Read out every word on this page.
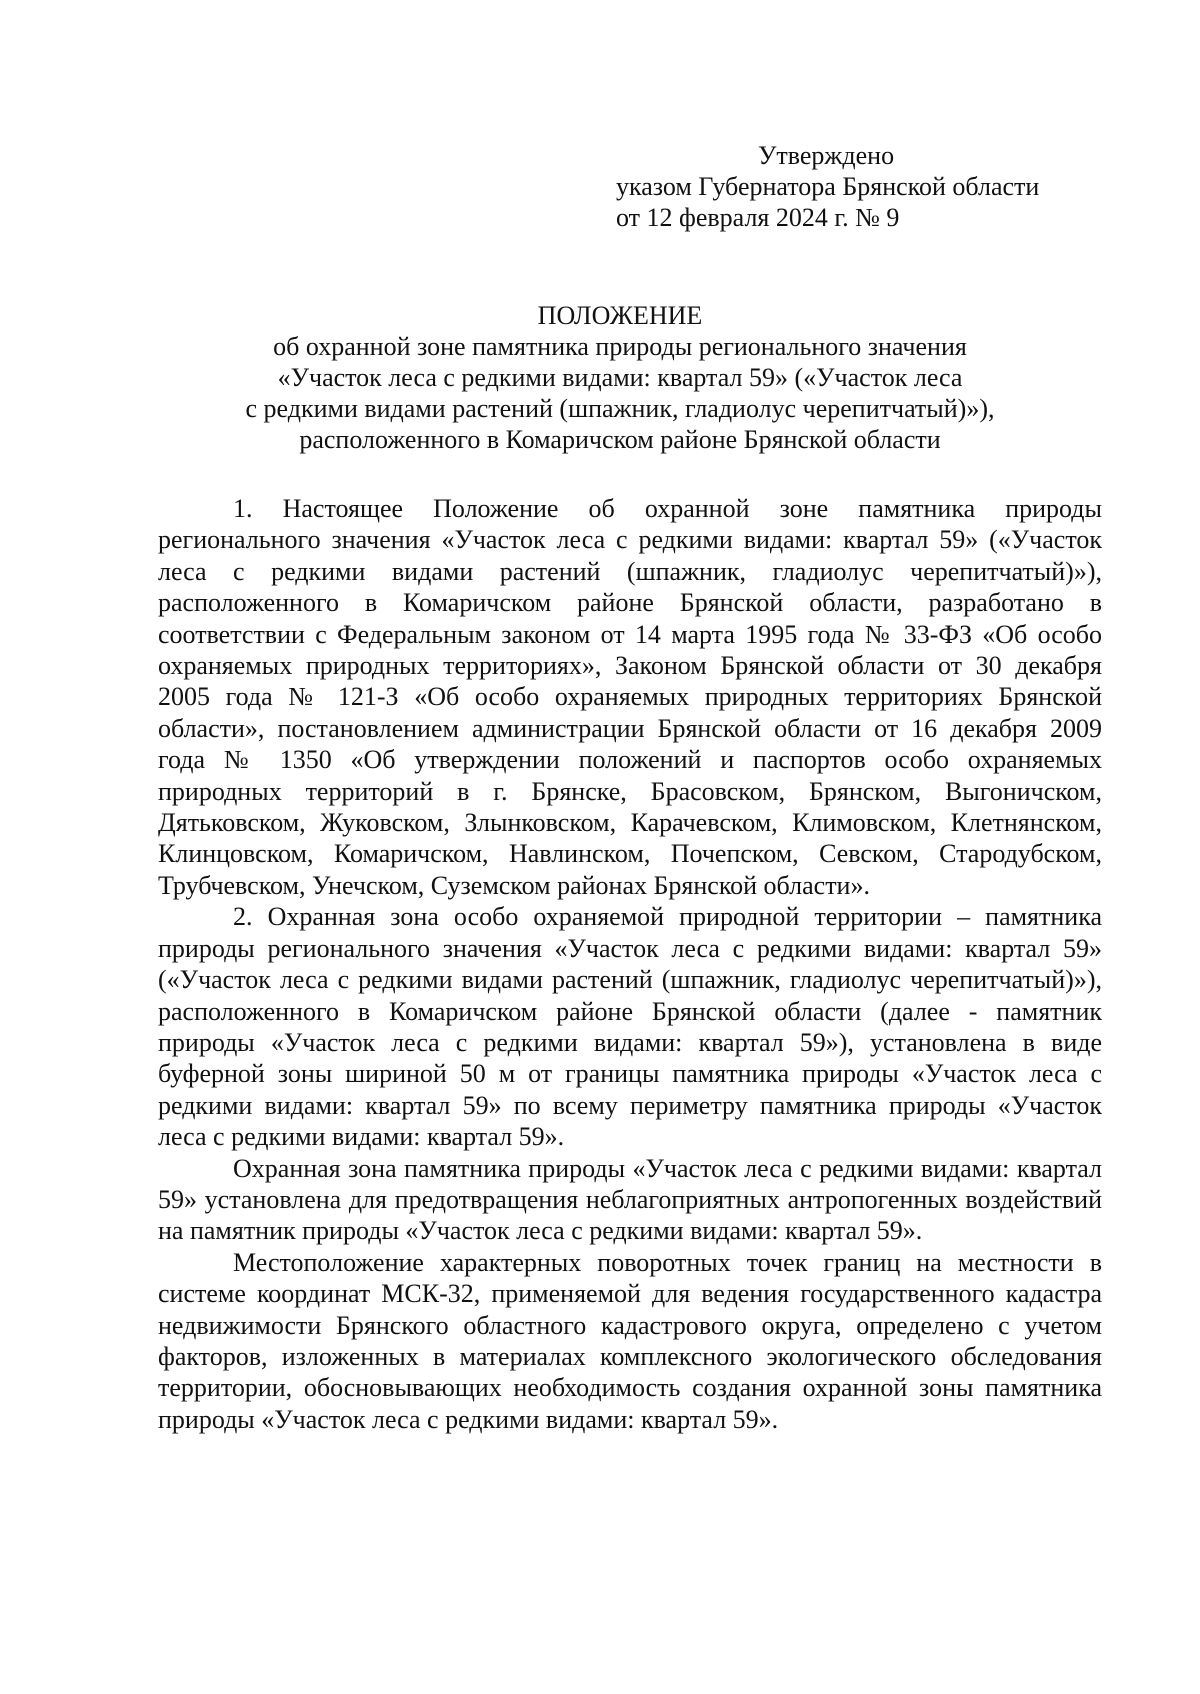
Утверждено
указом Губернатора Брянской области
от 12 февраля 2024 г. № 9
ПОЛОЖЕНИЕ
об охранной зоне памятника природы регионального значения
«Участок леса с редкими видами: квартал 59» («Участок леса
с редкими видами растений (шпажник, гладиолус черепитчатый)»),
расположенного в Комаричском районе Брянской области

1. Настоящее Положение об охранной зоне памятника природы регионального значения «Участок леса с редкими видами: квартал 59» («Участок леса с редкими видами растений (шпажник, гладиолус черепитчатый)»), расположенного в Комаричском районе Брянской области, разработано в соответствии с Федеральным законом от 14 марта 1995 года № 33-ФЗ «Об особо охраняемых природных территориях», Законом Брянской области от 30 декабря 2005 года № 121-З «Об особо охраняемых природных территориях Брянской области», постановлением администрации Брянской области от 16 декабря 2009 года № 1350 «Об утверждении положений и паспортов особо охраняемых природных территорий в г. Брянске, Брасовском, Брянском, Выгоничском, Дятьковском, Жуковском, Злынковском, Карачевском, Климовском, Клетнянском, Клинцовском, Комаричском, Навлинском, Почепском, Севском, Стародубском, Трубчевском, Унечском, Суземском районах Брянской области».

2. Охранная зона особо охраняемой природной территории – памятника природы регионального значения «Участок леса с редкими видами: квартал 59» («Участок леса с редкими видами растений (шпажник, гладиолус черепитчатый)»), расположенного в Комаричском районе Брянской области (далее - памятник природы «Участок леса с редкими видами: квартал 59»), установлена в виде буферной зоны шириной 50 м от границы памятника природы «Участок леса с редкими видами: квартал 59» по всему периметру памятника природы «Участок леса с редкими видами: квартал 59».

Охранная зона памятника природы «Участок леса с редкими видами: квартал 59» установлена для предотвращения неблагоприятных антропогенных воздействий на памятник природы «Участок леса с редкими видами: квартал 59».

Местоположение характерных поворотных точек границ на местности в системе координат МСК-32, применяемой для ведения государственного кадастра недвижимости Брянского областного кадастрового округа, определено с учетом факторов, изложенных в материалах комплексного экологического обследования территории, обосновывающих необходимость создания охранной зоны памятника природы «Участок леса с редкими видами: квартал 59».
